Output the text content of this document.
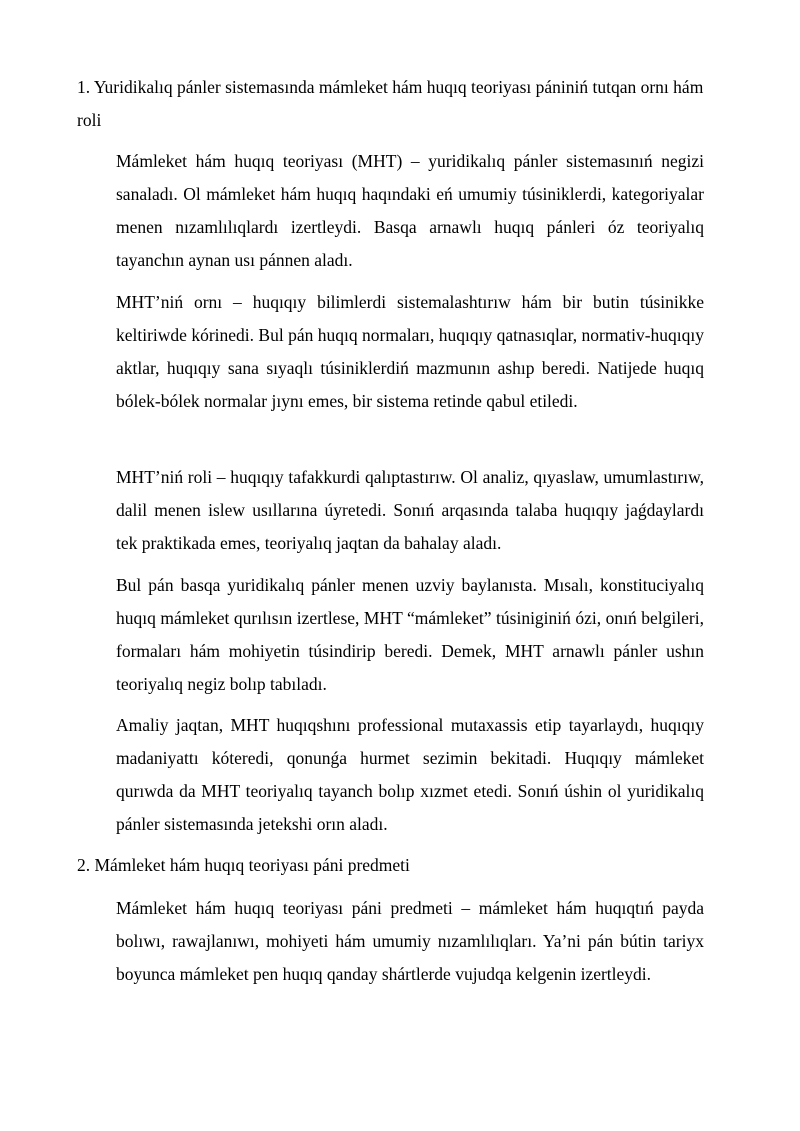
1. Yuridikalıq pánler sistemasında mámleket hám huqıq teoriyası pániniń tutqan ornı hám roli

Mámleket hám huqıq teoriyası (MHT) – yuridikalıq pánler sistemasınıń negizi sanaladı. Ol mámleket hám huqıq haqındaki eń umumiy túsiniklerdi, kategoriyalar menen nızamlılıqlardı izertleydi. Basqa arnawlı huqıq pánleri óz teoriyalıq tayanchın aynan usı pánnen aladı.

MHT’niń ornı – huqıqıy bilimlerdi sistemalashtırıw hám bir butin túsinikke keltiriwde kórinedi. Bul pán huqıq normaları, huqıqıy qatnasıqlar, normativ-huqıqıy aktlar, huqıqıy sana sıyaqlı túsiniklerdiń mazmunın ashıp beredi. Natijede huqıq bólek-bólek normalar jıynı emes, bir sistema retinde qabul etiledi.

MHT’niń roli – huqıqıy tafakkurdi qalıptastırıw. Ol analiz, qıyaslaw, umumlastırıw, dalil menen islew usıllarına úyretedi. Sonıń arqasında talaba huqıqıy jaǵdaylardı tek praktikada emes, teoriyalıq jaqtan da bahalay aladı.

Bul pán basqa yuridikalıq pánler menen uzviy baylanısta. Mısalı, konstituciyalıq huqıq mámleket qurılısın izertlese, MHT “mámleket” túsiniginiń ózi, onıń belgileri, formaları hám mohiyetin túsindirip beredi. Demek, MHT arnawlı pánler ushın teoriyalıq negiz bolıp tabıladı.

Amaliy jaqtan, MHT huqıqshını professional mutaxassis etip tayarlaydı, huqıqıy madaniyattı kóteredi, qonunǵa hurmet sezimin bekitadi. Huqıqıy mámleket qurıwda da MHT teoriyalıq tayanch bolıp xızmet etedi. Sonıń úshin ol yuridikalıq pánler sistemasında jetekshi orın aladı.

2. Mámleket hám huqıq teoriyası páni predmeti

Mámleket hám huqıq teoriyası páni predmeti – mámleket hám huqıqtıń payda bolıwı, rawajlanıwı, mohiyeti hám umumiy nızamlılıqları. Ya’ni pán bútin tariyx boyunca mámleket pen huqıq qanday shártlerde vujudqa kelgenin izertleydi.
